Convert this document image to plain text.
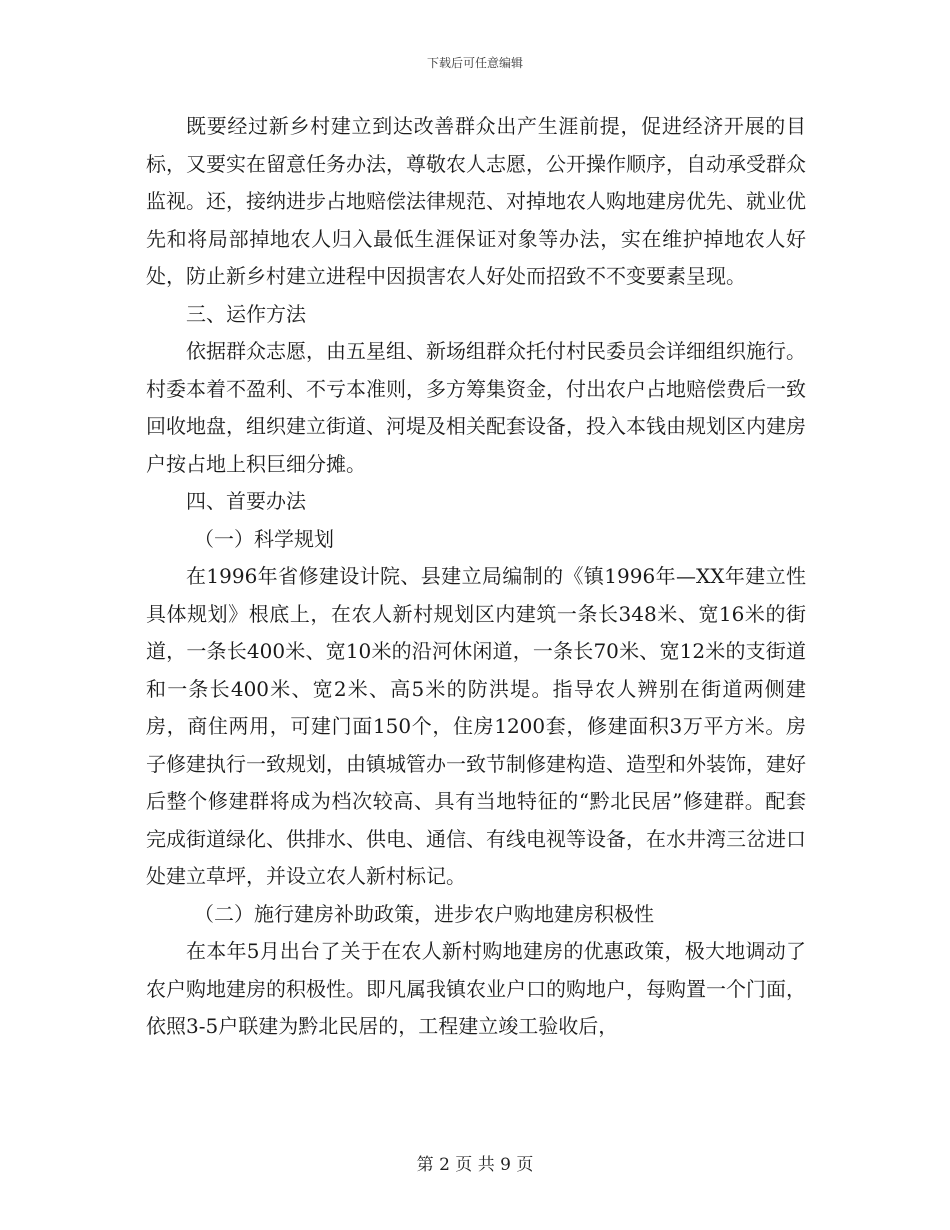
下载后可任意编辑

既要经过新乡村建立到达改善群众出产生涯前提，促进经济开展的目标，又要实在留意任务办法，尊敬农人志愿，公开操作顺序，自动承受群众监视。还，接纳进步占地赔偿法律规范、对掉地农人购地建房优先、就业优先和将局部掉地农人归入最低生涯保证对象等办法，实在维护掉地农人好处，防止新乡村建立进程中因损害农人好处而招致不不变要素呈现。

三、运作方法

依据群众志愿，由五星组、新场组群众托付村民委员会详细组织施行。村委本着不盈利、不亏本准则，多方筹集资金，付出农户占地赔偿费后一致回收地盘，组织建立街道、河堤及相关配套设备，投入本钱由规划区内建房户按占地上积巨细分摊。

四、首要办法

（一）科学规划

在1996年省修建设计院、县建立局编制的《镇1996年—XX年建立性具体规划》根底上，在农人新村规划区内建筑一条长348米、宽16米的街道，一条长400米、宽10米的沿河休闲道，一条长70米、宽12米的支街道和一条长400米、宽2米、高5米的防洪堤。指导农人辨别在街道两侧建房，商住两用，可建门面150个，住房1200套，修建面积3万平方米。房子修建执行一致规划，由镇城管办一致节制修建构造、造型和外装饰，建好后整个修建群将成为档次较高、具有当地特征的“黔北民居”修建群。配套完成街道绿化、供排水、供电、通信、有线电视等设备，在水井湾三岔进口处建立草坪，并设立农人新村标记。

（二）施行建房补助政策，进步农户购地建房积极性

在本年5月出台了关于在农人新村购地建房的优惠政策，极大地调动了农户购地建房的积极性。即凡属我镇农业户口的购地户，每购置一个门面，依照3-5户联建为黔北民居的，工程建立竣工验收后，

第 2 页 共 9 页
